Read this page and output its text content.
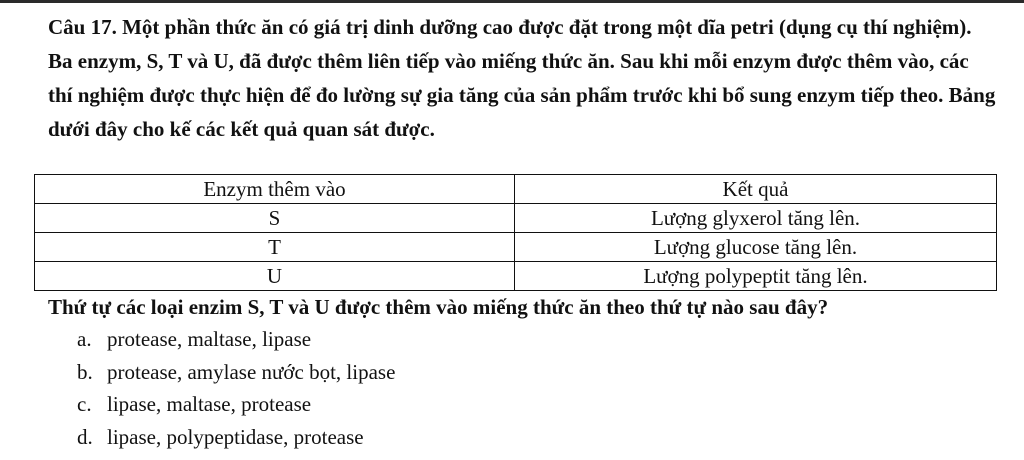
Câu 17. Một phần thức ăn có giá trị dinh dưỡng cao được đặt trong một dĩa petri (dụng cụ thí nghiệm). Ba enzym, S, T và U, đã được thêm liên tiếp vào miếng thức ăn. Sau khi mỗi enzym được thêm vào, các thí nghiệm được thực hiện để đo lường sự gia tăng của sản phẩm trước khi bổ sung enzym tiếp theo. Bảng dưới đây cho kế các kết quả quan sát được.

Enzym thêm vào	Kết quả
S	Lượng glyxerol tăng lên.
T	Lượng glucose tăng lên.
U	Lượng polypeptit tăng lên.

Thứ tự các loại enzim S, T và U được thêm vào miếng thức ăn theo thứ tự nào sau đây?

a. protease, maltase, lipase
b. protease, amylase nước bọt, lipase
c. lipase, maltase, protease
d. lipase, polypeptidase, protease
